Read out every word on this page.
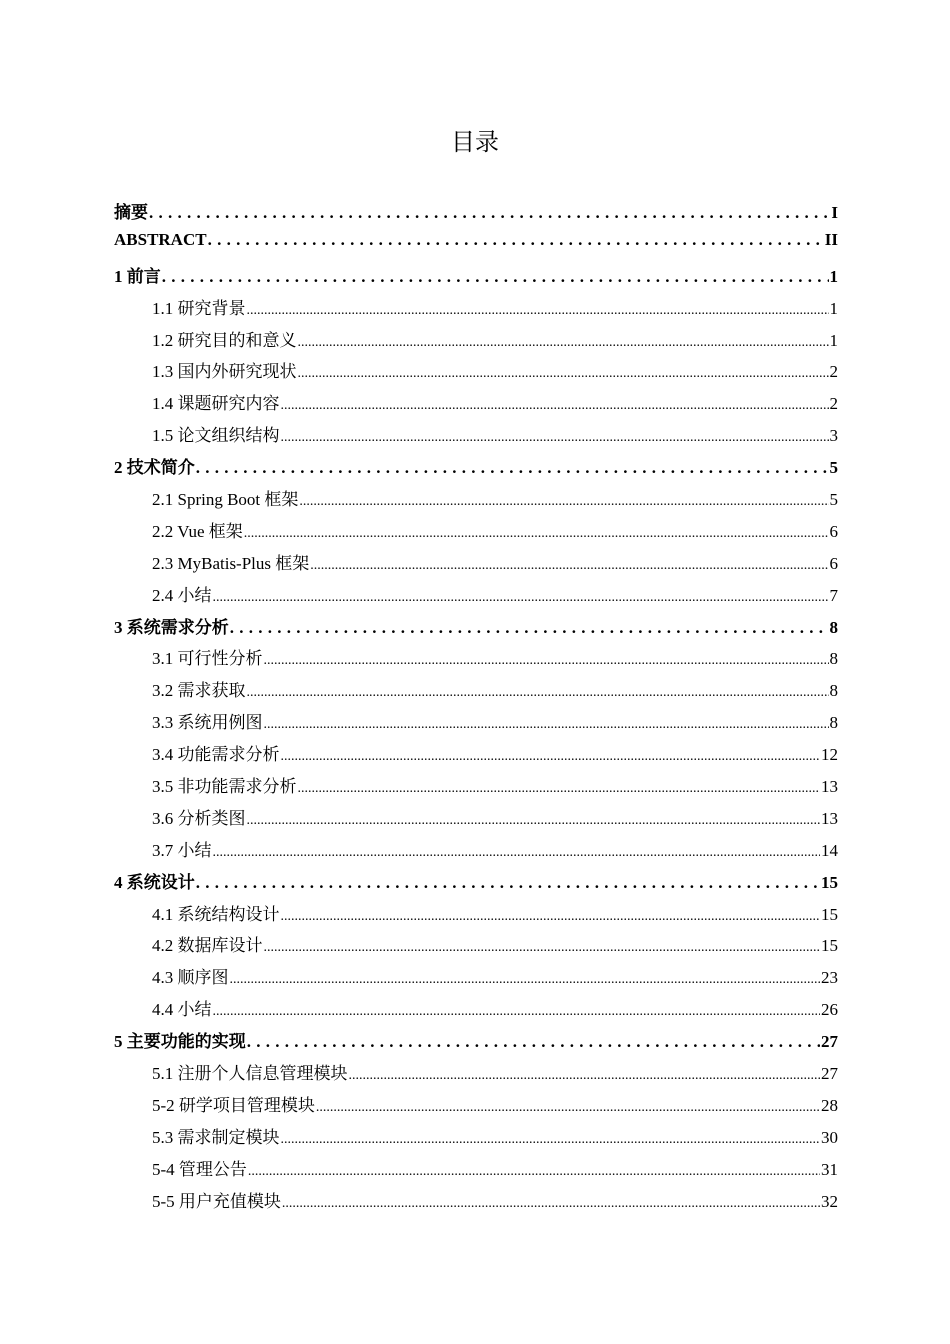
目录
摘要 . . .	I
ABSTRACT . . .	II
1 前言 . . .	1
1.1 研究背景 .....	1
1.2 研究目的和意义 .....	1
1.3 国内外研究现状 .....	2
1.4 课题研究内容 .....	2
1.5 论文组织结构 .....	3
2 技术简介 . . .	5
2.1 Spring Boot 框架 .....	5
2.2 Vue 框架 .....	6
2.3 MyBatis-Plus 框架 .....	6
2.4 小结 .....	7
3 系统需求分析 . . .	8
3.1 可行性分析 .....	8
3.2 需求获取 .....	8
3.3 系统用例图 .....	8
3.4 功能需求分析 .....	12
3.5 非功能需求分析 .....	13
3.6 分析类图 .....	13
3.7 小结 .....	14
4 系统设计 . . .	15
4.1 系统结构设计 .....	15
4.2 数据库设计 .....	15
4.3 顺序图 .....	23
4.4 小结 .....	26
5 主要功能的实现 . . .	27
5.1 注册个人信息管理模块 .....	27
5-2 研学项目管理模块 .....	28
5.3 需求制定模块 .....	30
5-4 管理公告 .....	31
5-5 用户充值模块 .....	32
